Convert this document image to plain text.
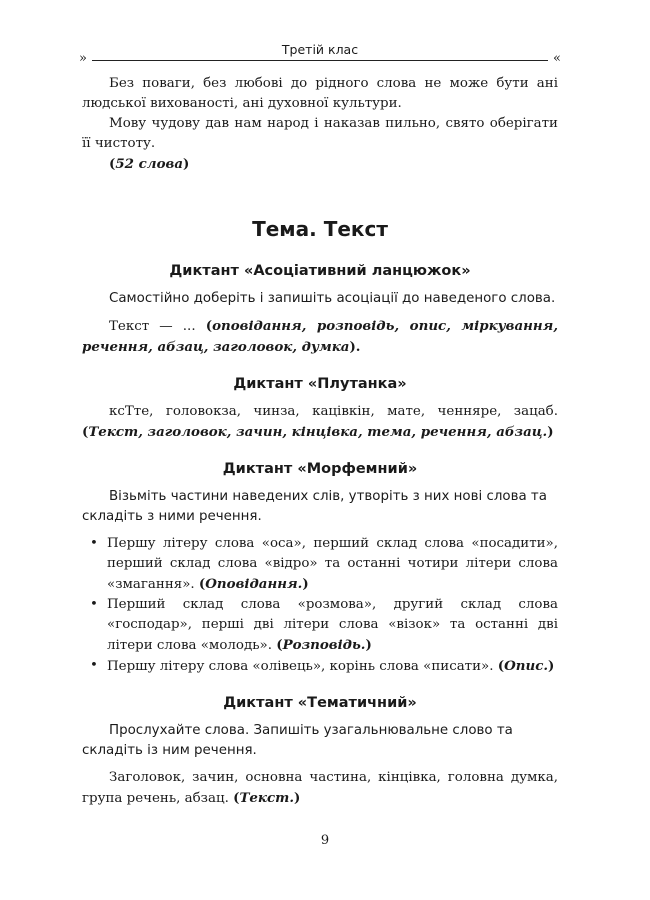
»
Третій клас
«

Без поваги, без любові до рідного слова не може бути ані людської вихованості, ані духовної культури.

Мову чудову дав нам народ і наказав пильно, свято оберігати її чистоту.

(52 слова)

Тема. Текст
Диктант «Асоціативний ланцюжок»

Самостійно доберіть і запишіть асоціації до наведеного слова.

Текст — ... (оповідання, розповідь, опис, міркування, речення, абзац, заголовок, думка).

Диктант «Плутанка»

ксТте, головокза, чинза, кацівкін, мате, ченняре, зацаб. (Текст, заголовок, зачин, кінцівка, тема, речення, абзац.)

Диктант «Морфемний»

Візьміть частини наведених слів, утворіть з них нові слова та складіть з ними речення.

• Першу літеру слова «оса», перший склад слова «посадити», перший склад слова «відро» та останні чотири літери слова «змагання». (Оповідання.)
• Перший склад слова «розмова», другий склад слова «господар», перші дві літери слова «візок» та останні дві літери слова «молодь». (Розповідь.)
• Першу літеру слова «олівець», корінь слова «писати». (Опис.)
Диктант «Тематичний»

Прослухайте слова. Запишіть узагальнювальне слово та складіть із ним речення.

Заголовок, зачин, основна частина, кінцівка, головна думка, група речень, абзац. (Текст.)

9
